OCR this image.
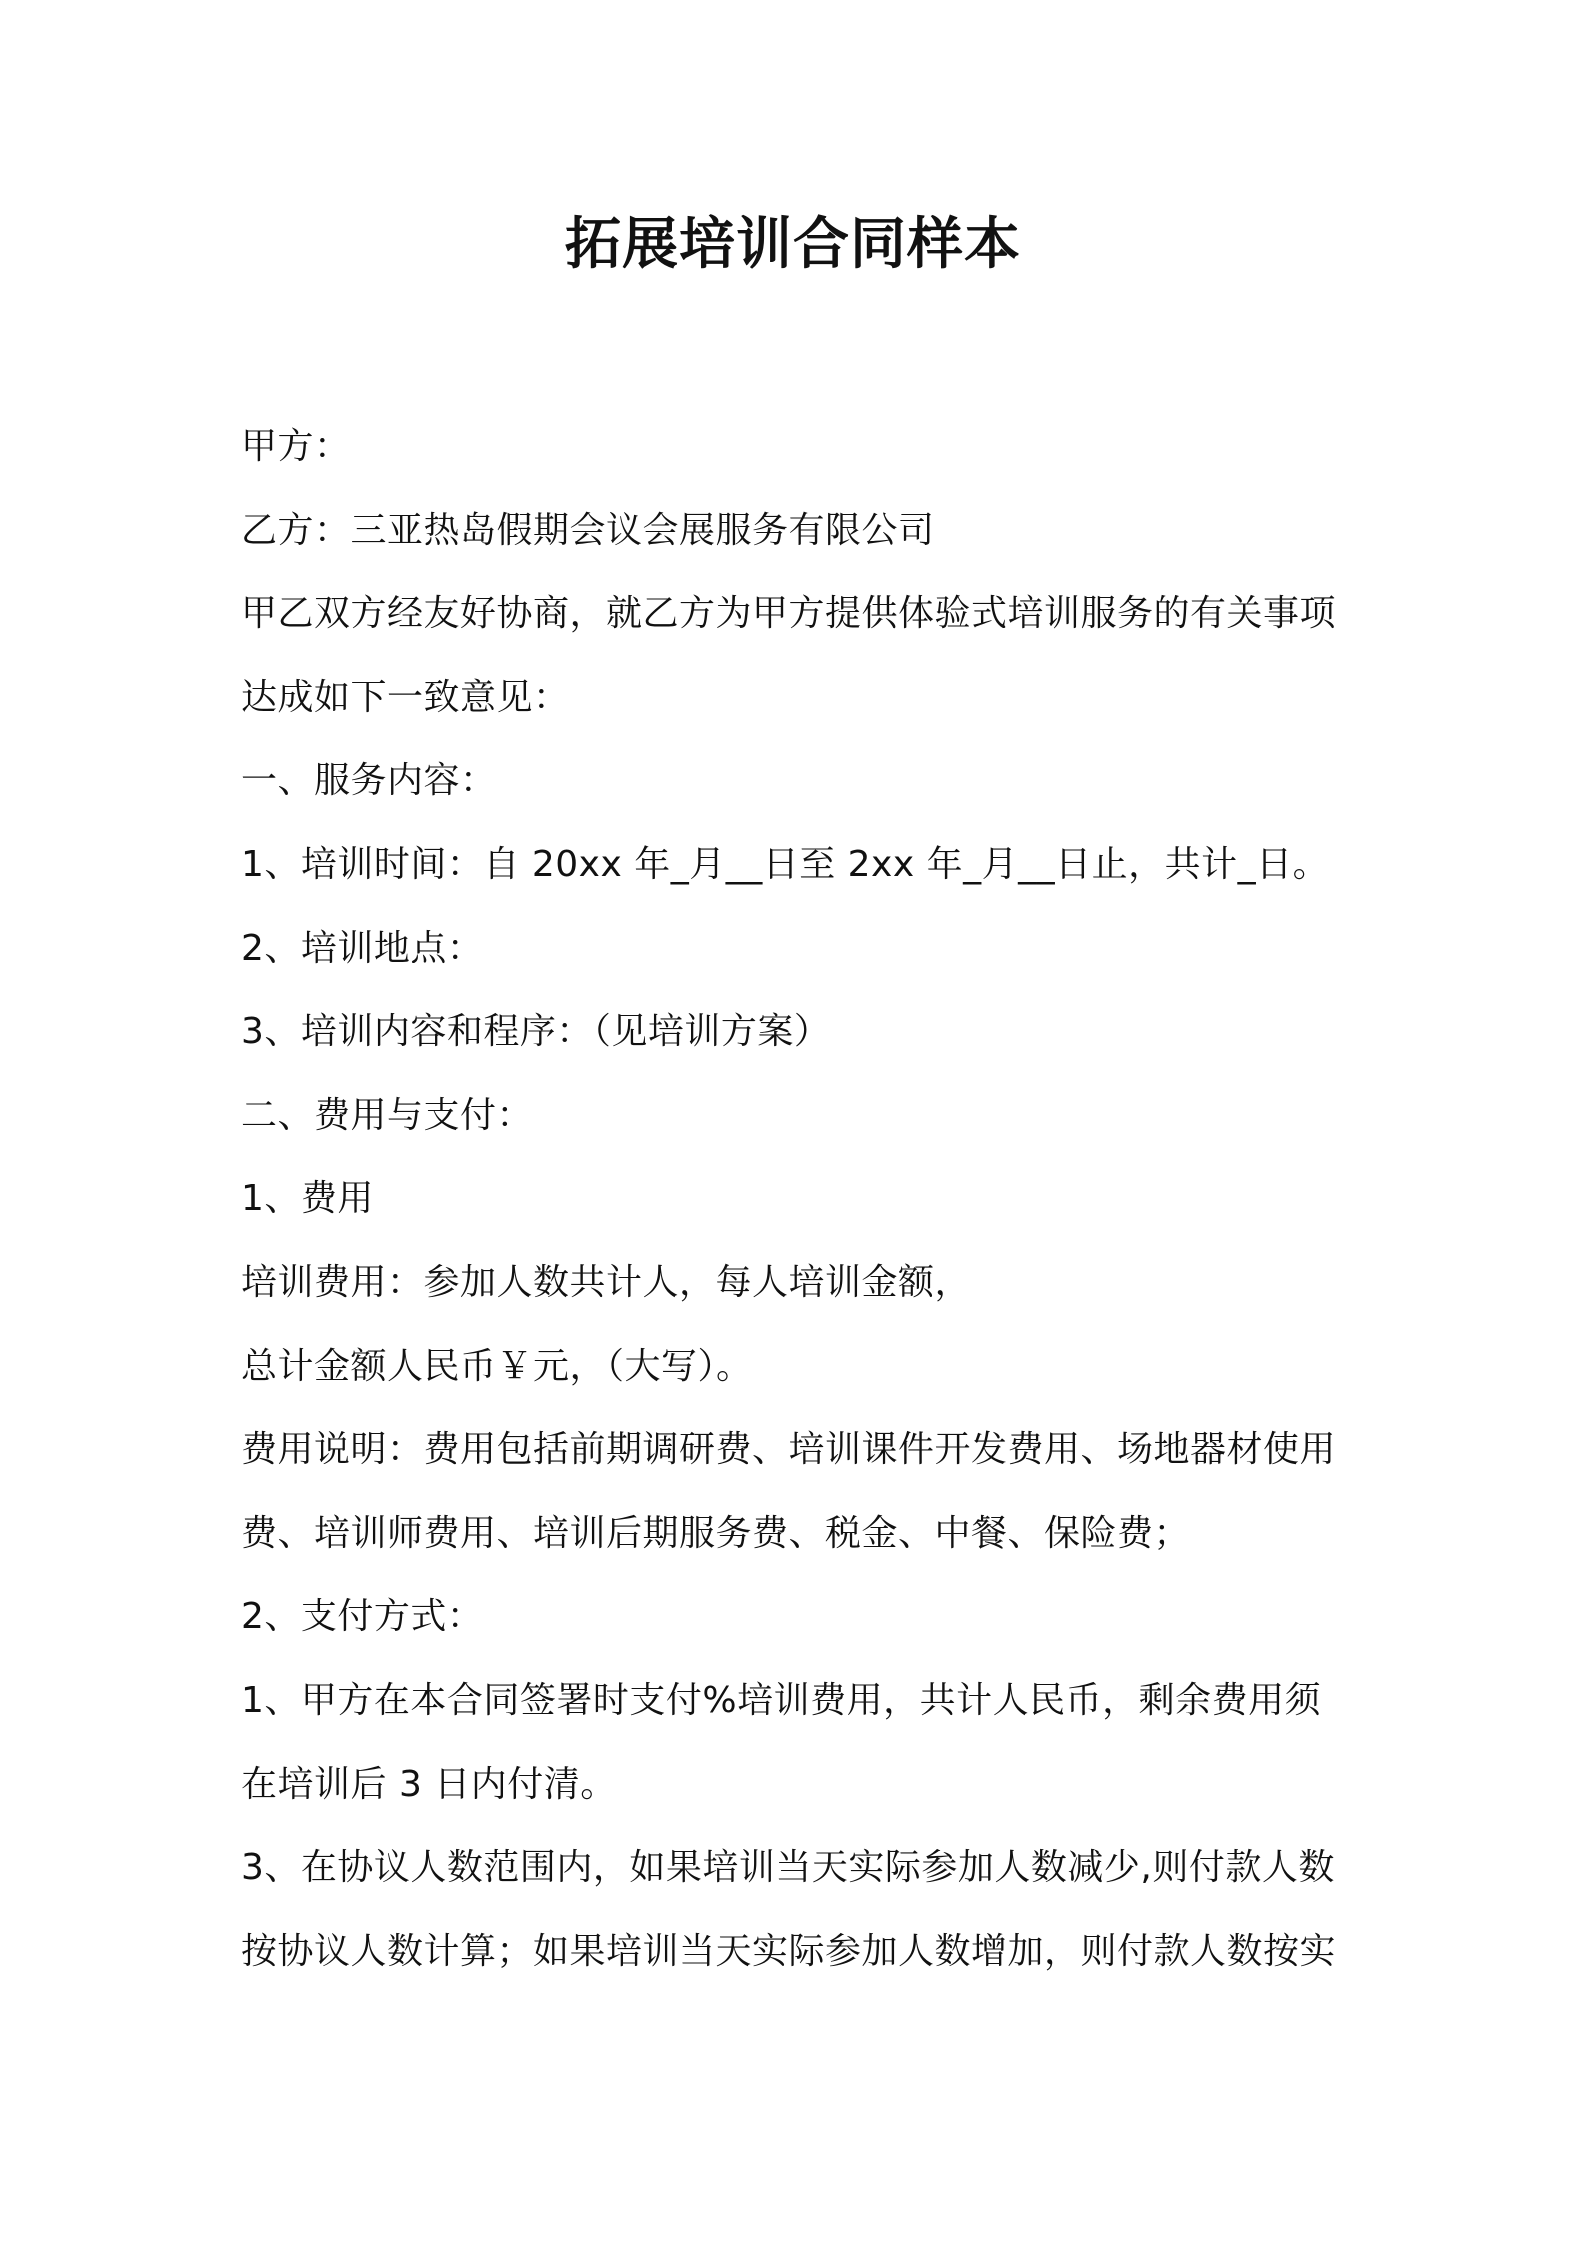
拓展培训合同样本
甲方：
乙方：三亚热岛假期会议会展服务有限公司
甲乙双方经友好协商，就乙方为甲方提供体验式培训服务的有关事项
达成如下一致意见：
一、服务内容：
1、培训时间：自 20xx 年_月__日至 2xx 年_月__日止，共计_日。
2、培训地点：
3、培训内容和程序：（见培训方案）
二、费用与支付：
1、费用
培训费用：参加人数共计人，每人培训金额，
总计金额人民币￥元，（大写）。
费用说明：费用包括前期调研费、培训课件开发费用、场地器材使用
费、培训师费用、培训后期服务费、税金、中餐、保险费；
2、支付方式：
1、甲方在本合同签署时支付%培训费用，共计人民币，剩余费用须
在培训后 3 日内付清。
3、在协议人数范围内，如果培训当天实际参加人数减少,则付款人数
按协议人数计算；如果培训当天实际参加人数增加，则付款人数按实
